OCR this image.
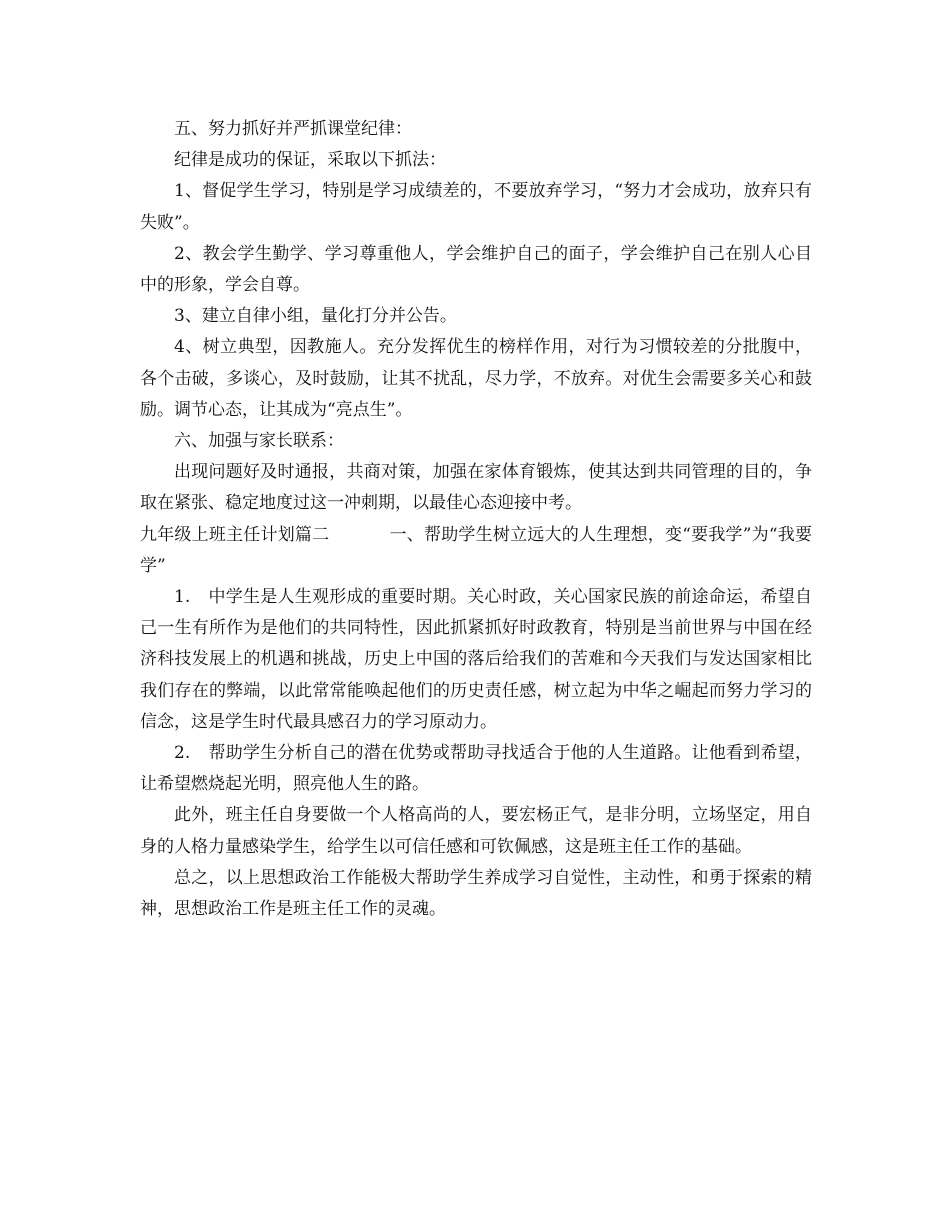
五、努力抓好并严抓课堂纪律：

纪律是成功的保证，采取以下抓法：

1、督促学生学习，特别是学习成绩差的，不要放弃学习，“努力才会成功，放弃只有失败”。

2、教会学生勤学、学习尊重他人，学会维护自己的面子，学会维护自己在别人心目中的形象，学会自尊。

3、建立自律小组，量化打分并公告。

4、树立典型，因教施人。充分发挥优生的榜样作用，对行为习惯较差的分批腹中，各个击破，多谈心，及时鼓励，让其不扰乱，尽力学，不放弃。对优生会需要多关心和鼓励。调节心态，让其成为“亮点生”。

六、加强与家长联系：

出现问题好及时通报，共商对策，加强在家体育锻炼，使其达到共同管理的目的，争取在紧张、稳定地度过这一冲刺期，以最佳心态迎接中考。

九年级上班主任计划篇二	一、帮助学生树立远大的人生理想，变“要我学”为“我要学”

1. 中学生是人生观形成的重要时期。关心时政，关心国家民族的前途命运，希望自己一生有所作为是他们的共同特性，因此抓紧抓好时政教育，特别是当前世界与中国在经济科技发展上的机遇和挑战，历史上中国的落后给我们的苦难和今天我们与发达国家相比我们存在的弊端，以此常常能唤起他们的历史责任感，树立起为中华之崛起而努力学习的信念，这是学生时代最具感召力的学习原动力。

2. 帮助学生分析自己的潜在优势或帮助寻找适合于他的人生道路。让他看到希望，让希望燃烧起光明，照亮他人生的路。

此外，班主任自身要做一个人格高尚的人，要宏杨正气，是非分明，立场坚定，用自身的人格力量感染学生，给学生以可信任感和可钦佩感，这是班主任工作的基础。

总之，以上思想政治工作能极大帮助学生养成学习自觉性，主动性，和勇于探索的精神，思想政治工作是班主任工作的灵魂。
